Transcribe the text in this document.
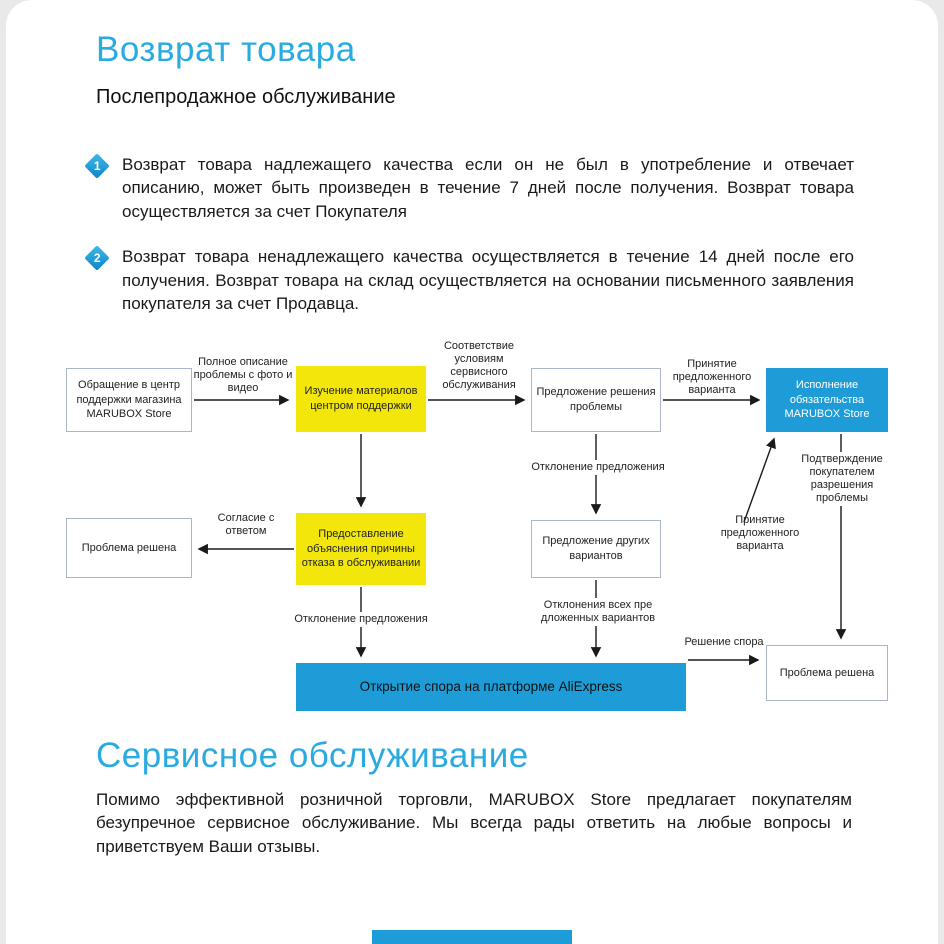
Возврат товара
Послепродажное обслуживание
1 Возврат товара надлежащего качества если он не был в употребление и отвечает описанию, может быть произведен в течение 7 дней после получения. Возврат товара осуществляется за счет Покупателя

2 Возврат товара ненадлежащего качества осуществляется в течение 14 дней после его получения. Возврат товара на склад осуществляется на основании письменного заявления покупателя за счет Продавца.

Обращение в центр поддержки магазина MARUBOX Store
Изучение материалов центром поддержки
Предложение решения проблемы
Исполнение обязательства MARUBOX Store
Предоставление объяснения причины отказа в обслуживании
Проблема решена
Предложение других вариантов
Открытие спора на платформе AliExpress
Проблема решена
Полное описание проблемы с фото и видео
Соответствие условиям сервисного обслуживания
Принятие предложенного варианта
Отклонение предложения
Подтверждение покупателем разрешения проблемы
Согласие с ответом
Принятие предложенного варианта
Отклонение предложения
Отклонения всех пре дложенных вариантов
Решение спора
Сервисное обслуживание

Помимо эффективной розничной торговли, MARUBOX Store предлагает покупателям безупречное сервисное обслуживание. Мы всегда рады ответить на любые вопросы и приветствуем Ваши отзывы.
